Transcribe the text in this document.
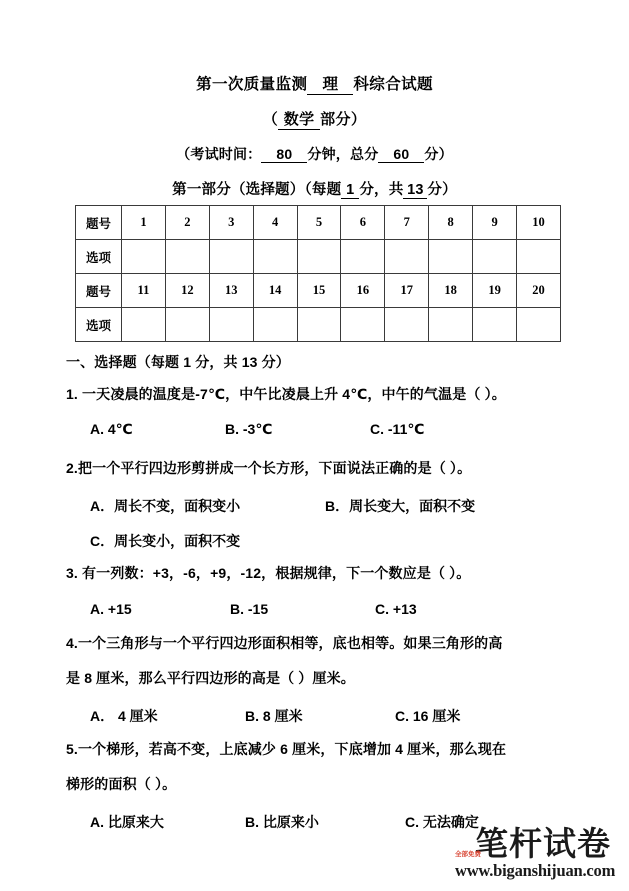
第一次质量监测 理 科综合试题
（ 数学 部分）
（考试时间： 80 分钟，总分 60 分）
第一部分（选择题）（每题 1 分，共 13 分）
题号	1	2	3	4	5	6	7	8	9	10
选项										
题号	11	12	13	14	15	16	17	18	19	20
选项										
一、选择题（每题 1 分，共 13 分）
1. 一天凌晨的温度是-7℃，中午比凌晨上升 4℃，中午的气温是（ ）。
A. 4℃	B. -3℃	C. -11℃
2.把一个平行四边形剪拼成一个长方形，下面说法正确的是（ ）。
A．周长不变，面积变小	B．周长变大，面积不变
C．周长变小，面积不变
3. 有一列数：+3，-6，+9，-12，根据规律，下一个数应是（ ）。
A. +15	B. -15	C. +13
4.一个三角形与一个平行四边形面积相等，底也相等。如果三角形的高
是 8 厘米，那么平行四边形的高是（ ）厘米。
A． 4 厘米	B. 8 厘米	C. 16 厘米
5.一个梯形，若高不变，上底减少 6 厘米，下底增加 4 厘米，那么现在
梯形的面积（ ）。
A. 比原来大	B. 比原来小	C. 无法确定
笔杆试卷
全部免费
www.biganshijuan.com
